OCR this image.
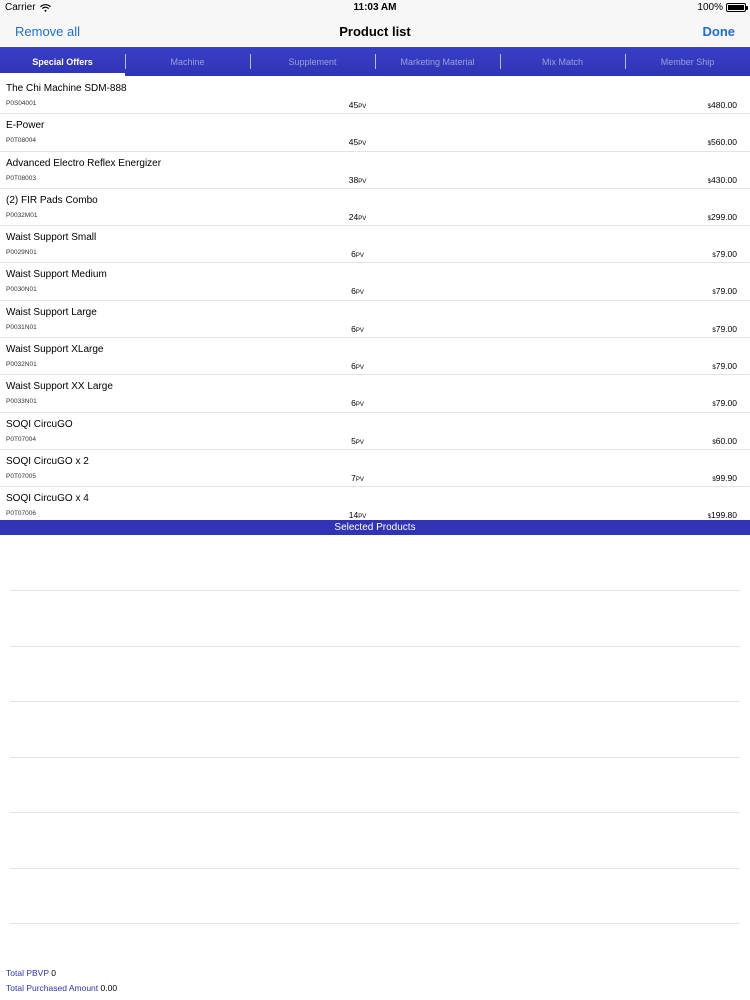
Carrier	11:03 AM	100%
Remove all	Product list	Done
Special Offers	Machine	Supplement	Marketing Material	Mix Match	Member Ship
The Chi Machine SDM-888
P0S04001	45PV	$480.00
E-Power
P0T08004	45PV	$560.00
Advanced Electro Reflex Energizer
P0T08003	38PV	$430.00
(2) FIR Pads Combo
P0032M01	24PV	$299.00
Waist Support Small
P0029N01	6PV	$79.00
Waist Support Medium
P0030N01	6PV	$79.00
Waist Support Large
P0031N01	6PV	$79.00
Waist Support XLarge
P0032N01	6PV	$79.00
Waist Support XX Large
P0033N01	6PV	$79.00
SOQI CircuGO
P0T07004	5PV	$60.00
SOQI CircuGO x 2
P0T07005	7PV	$99.90
SOQI CircuGO x 4
P0T07006	14PV	$199.80
Selected Products
Total PBVP 0
Total Purchased Amount 0.00
